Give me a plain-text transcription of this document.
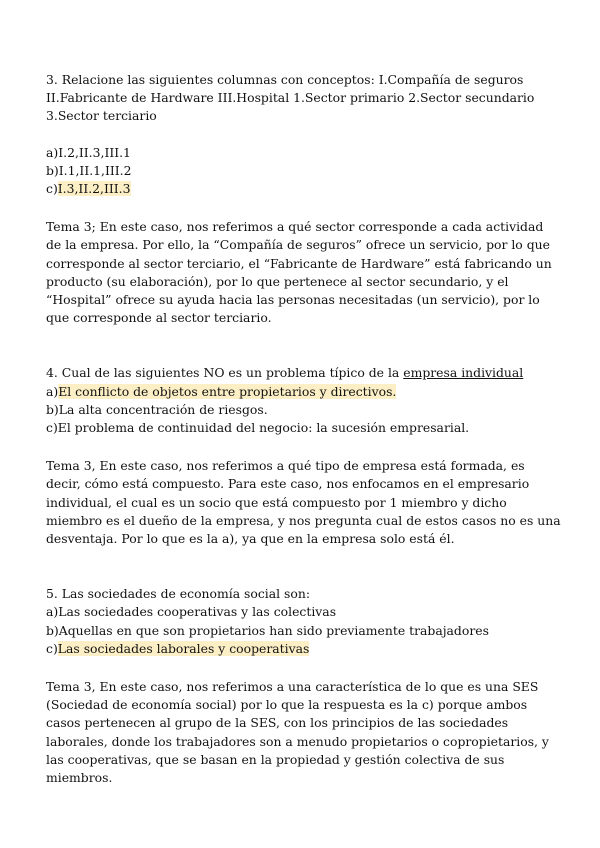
3. Relacione las siguientes columnas con conceptos: I.Compañía de seguros II.Fabricante de Hardware III.Hospital 1.Sector primario 2.Sector secundario 3.Sector terciario

a)I.2,II.3,III.1

b)I.1,II.1,III.2

c)I.3,II.2,III.3

Tema 3; En este caso, nos referimos a qué sector corresponde a cada actividad de la empresa. Por ello, la “Compañía de seguros” ofrece un servicio, por lo que corresponde al sector terciario, el “Fabricante de Hardware” está fabricando un producto (su elaboración), por lo que pertenece al sector secundario, y el “Hospital” ofrece su ayuda hacia las personas necesitadas (un servicio), por lo que corresponde al sector terciario.

4. Cual de las siguientes NO es un problema típico de la empresa individual

a)El conflicto de objetos entre propietarios y directivos.

b)La alta concentración de riesgos.

c)El problema de continuidad del negocio: la sucesión empresarial.

Tema 3, En este caso, nos referimos a qué tipo de empresa está formada, es decir, cómo está compuesto. Para este caso, nos enfocamos en el empresario individual, el cual es un socio que está compuesto por 1 miembro y dicho miembro es el dueño de la empresa, y nos pregunta cual de estos casos no es una desventaja. Por lo que es la a), ya que en la empresa solo está él.

5. Las sociedades de economía social son:

a)Las sociedades cooperativas y las colectivas

b)Aquellas en que son propietarios han sido previamente trabajadores

c)Las sociedades laborales y cooperativas

Tema 3, En este caso, nos referimos a una característica de lo que es una SES (Sociedad de economía social) por lo que la respuesta es la c) porque ambos casos pertenecen al grupo de la SES, con los principios de las sociedades laborales, donde los trabajadores son a menudo propietarios o copropietarios, y las cooperativas, que se basan en la propiedad y gestión colectiva de sus miembros.
